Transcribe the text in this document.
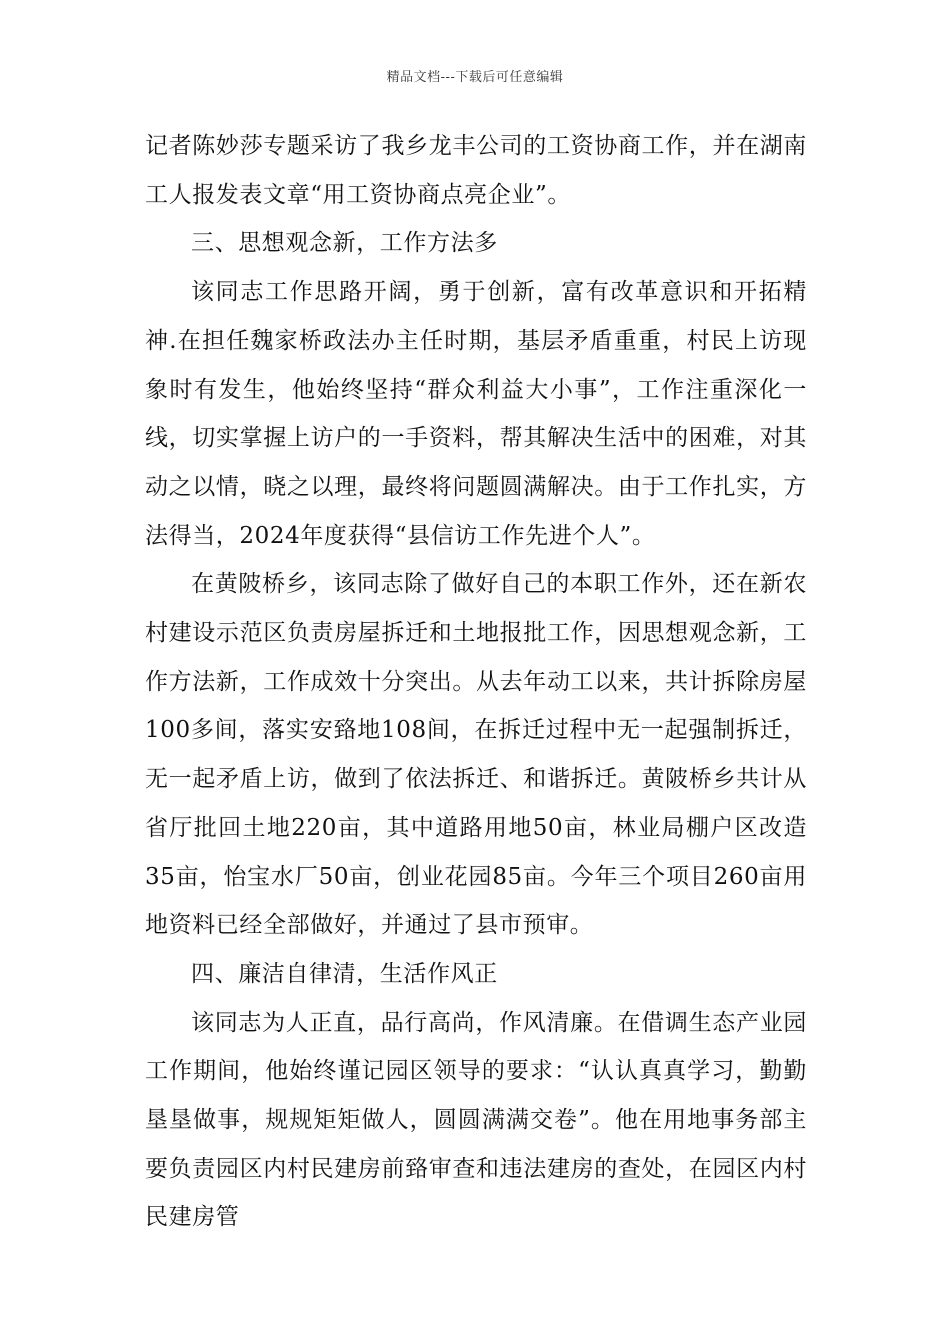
精品文档---下载后可任意编辑

记者陈妙莎专题采访了我乡龙丰公司的工资协商工作，并在湖南工人报发表文章“用工资协商点亮企业”。

三、思想观念新，工作方法多

该同志工作思路开阔，勇于创新，富有改革意识和开拓精神.在担任魏家桥政法办主任时期，基层矛盾重重，村民上访现象时有发生，他始终坚持“群众利益大小事”，工作注重深化一线，切实掌握上访户的一手资料，帮其解决生活中的困难，对其动之以情，晓之以理，最终将问题圆满解决。由于工作扎实，方法得当，2024年度获得“县信访工作先进个人”。

在黄陂桥乡，该同志除了做好自己的本职工作外，还在新农村建设示范区负责房屋拆迁和土地报批工作，因思想观念新，工作方法新，工作成效十分突出。从去年动工以来，共计拆除房屋100多间，落实安臵地108间，在拆迁过程中无一起强制拆迁，无一起矛盾上访，做到了依法拆迁、和谐拆迁。黄陂桥乡共计从省厅批回土地220亩，其中道路用地50亩，林业局棚户区改造35亩，怡宝水厂50亩，创业花园85亩。今年三个项目260亩用地资料已经全部做好，并通过了县市预审。

四、廉洁自律清，生活作风正

该同志为人正直，品行高尚，作风清廉。在借调生态产业园工作期间，他始终谨记园区领导的要求：“认认真真学习，勤勤垦垦做事，规规矩矩做人，圆圆满满交卷”。他在用地事务部主要负责园区内村民建房前臵审查和违法建房的查处，在园区内村民建房管
